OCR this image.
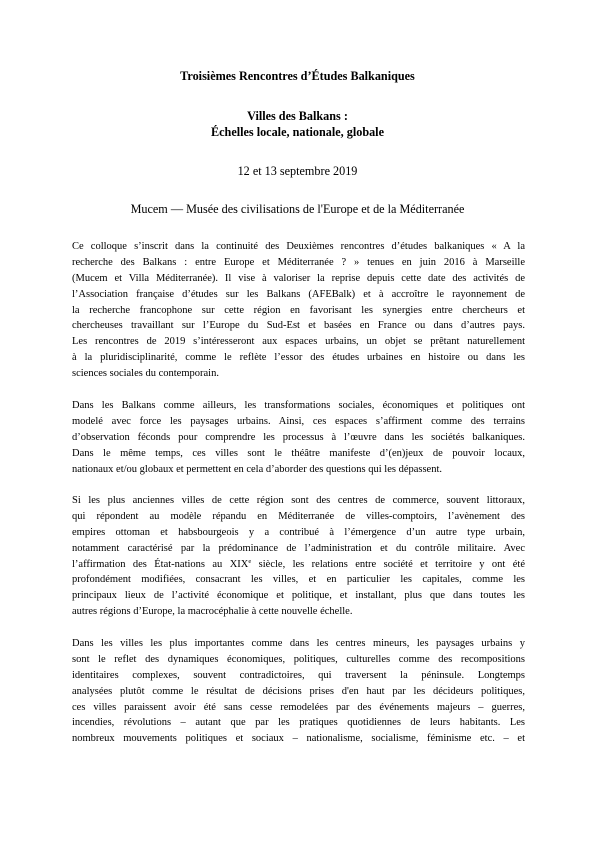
Troisièmes Rencontres d’Études Balkaniques
Villes des Balkans :
Échelles locale, nationale, globale
12 et 13 septembre 2019
Mucem — Musée des civilisations de l'Europe et de la Méditerranée
Ce colloque s’inscrit dans la continuité des Deuxièmes rencontres d’études balkaniques « A la
recherche des Balkans : entre Europe et Méditerranée ? » tenues en juin 2016 à Marseille
(Mucem et Villa Méditerranée). Il vise à valoriser la reprise depuis cette date des activités de
l’Association française d’études sur les Balkans (AFEBalk) et à accroître le rayonnement de
la recherche francophone sur cette région en favorisant les synergies entre chercheurs et
chercheuses travaillant sur l’Europe du Sud-Est et basées en France ou dans d’autres pays.
Les rencontres de 2019 s’intéresseront aux espaces urbains, un objet se prêtant naturellement
à la pluridisciplinarité, comme le reflète l’essor des études urbaines en histoire ou dans les
sciences sociales du contemporain.
Dans les Balkans comme ailleurs, les transformations sociales, économiques et politiques ont
modelé avec force les paysages urbains. Ainsi, ces espaces s’affirment comme des terrains
d’observation féconds pour comprendre les processus à l’œuvre dans les sociétés balkaniques.
Dans le même temps, ces villes sont le théâtre manifeste d’(en)jeux de pouvoir locaux,
nationaux et/ou globaux et permettent en cela d’aborder des questions qui les dépassent.
Si les plus anciennes villes de cette région sont des centres de commerce, souvent littoraux,
qui répondent au modèle répandu en Méditerranée de villes-comptoirs, l’avènement des
empires ottoman et habsbourgeois y a contribué à l’émergence d’un autre type urbain,
notamment caractérisé par la prédominance de l’administration et du contrôle militaire. Avec
l’affirmation des État-nations au XIXe siècle, les relations entre société et territoire y ont été
profondément modifiées, consacrant les villes, et en particulier les capitales, comme les
principaux lieux de l’activité économique et politique, et installant, plus que dans toutes les
autres régions d’Europe, la macrocéphalie à cette nouvelle échelle.
Dans les villes les plus importantes comme dans les centres mineurs, les paysages urbains y
sont le reflet des dynamiques économiques, politiques, culturelles comme des recompositions
identitaires complexes, souvent contradictoires, qui traversent la péninsule. Longtemps
analysées plutôt comme le résultat de décisions prises d'en haut par les décideurs politiques,
ces villes paraissent avoir été sans cesse remodelées par des événements majeurs – guerres,
incendies, révolutions – autant que par les pratiques quotidiennes de leurs habitants. Les
nombreux mouvements politiques et sociaux – nationalisme, socialisme, féminisme etc. – et
